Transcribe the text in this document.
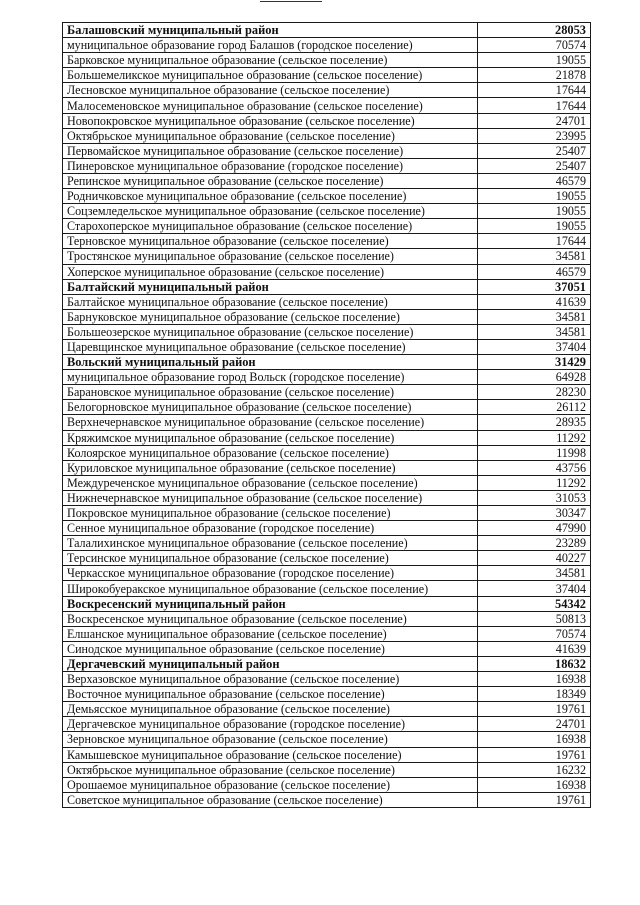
Балашовский муниципальный район	28053
муниципальное образование город Балашов (городское поселение)	70574
Барковское муниципальное образование (сельское поселение)	19055
Большемеликское муниципальное образование (сельское поселение)	21878
Лесновское муниципальное образование (сельское поселение)	17644
Малосеменовское муниципальное образование (сельское поселение)	17644
Новопокровское муниципальное образование (сельское поселение)	24701
Октябрьское муниципальное образование (сельское поселение)	23995
Первомайское муниципальное образование (сельское поселение)	25407
Пинеровское муниципальное образование (городское поселение)	25407
Репинское муниципальное образование (сельское поселение)	46579
Родничковское муниципальное образование (сельское поселение)	19055
Соцземледельское муниципальное образование (сельское поселение)	19055
Старохоперское муниципальное образование (сельское поселение)	19055
Терновское муниципальное образование (сельское поселение)	17644
Тростянское муниципальное образование (сельское поселение)	34581
Хоперское муниципальное образование (сельское поселение)	46579
Балтайский муниципальный район	37051
Балтайское муниципальное образование (сельское поселение)	41639
Барнуковское муниципальное образование (сельское поселение)	34581
Большеозерское муниципальное образование (сельское поселение)	34581
Царевщинское муниципальное образование (сельское поселение)	37404
Вольский муниципальный район	31429
муниципальное образование город Вольск (городское поселение)	64928
Барановское муниципальное образование (сельское поселение)	28230
Белогорновское муниципальное образование (сельское поселение)	26112
Верхнечернавское муниципальное образование (сельское поселение)	28935
Кряжимское муниципальное образование (сельское поселение)	11292
Колоярское муниципальное образование (сельское поселение)	11998
Куриловское муниципальное образование (сельское поселение)	43756
Междуреченское муниципальное образование (сельское поселение)	11292
Нижнечернавское муниципальное образование (сельское поселение)	31053
Покровское муниципальное образование (сельское поселение)	30347
Сенное муниципальное образование (городское поселение)	47990
Талалихинское муниципальное образование (сельское поселение)	23289
Терсинское муниципальное образование (сельское поселение)	40227
Черкасское муниципальное образование (городское поселение)	34581
Широкобуеракское муниципальное образование (сельское поселение)	37404
Воскресенский муниципальный район	54342
Воскресенское муниципальное образование (сельское поселение)	50813
Елшанское муниципальное образование (сельское поселение)	70574
Синодское муниципальное образование (сельское поселение)	41639
Дергачевский муниципальный район	18632
Верхазовское муниципальное образование (сельское поселение)	16938
Восточное муниципальное образование (сельское поселение)	18349
Демьясское муниципальное образование (сельское поселение)	19761
Дергачевское муниципальное образование (городское поселение)	24701
Зерновское муниципальное образование (сельское поселение)	16938
Камышевское муниципальное образование (сельское поселение)	19761
Октябрьское муниципальное образование (сельское поселение)	16232
Орошаемое муниципальное образование (сельское поселение)	16938
Советское муниципальное образование (сельское поселение)	19761
